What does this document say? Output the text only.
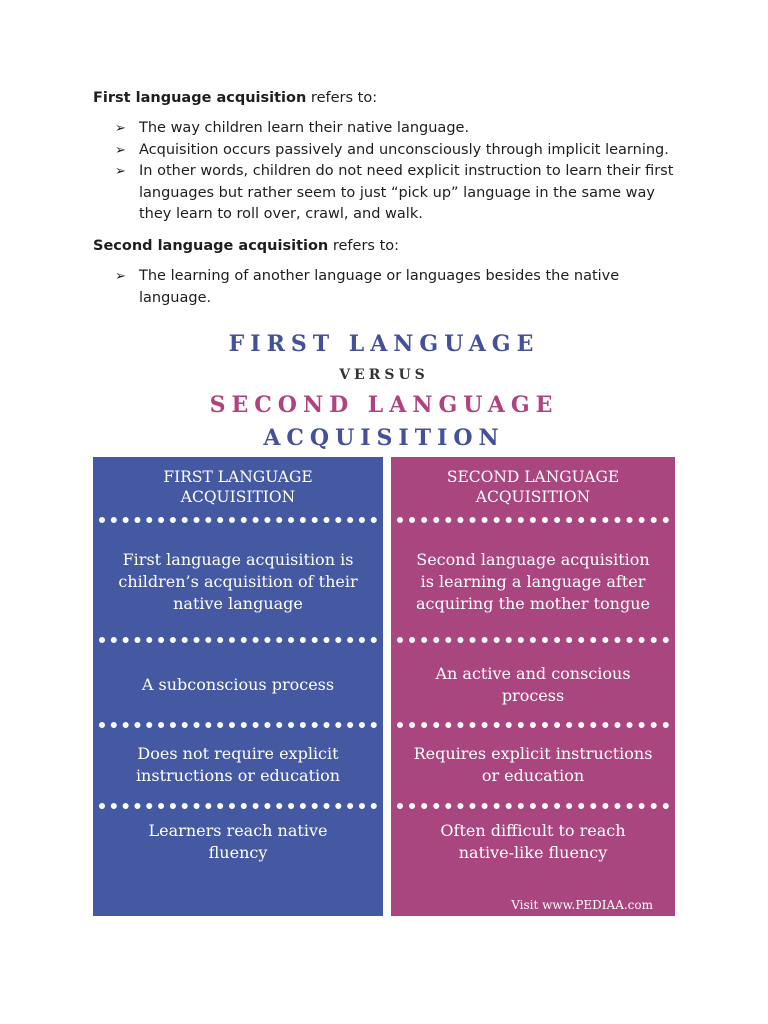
First language acquisition refers to:
➢ The way children learn their native language.
➢ Acquisition occurs passively and unconsciously through implicit learning.
➢ In other words, children do not need explicit instruction to learn their first languages but rather seem to just “pick up” language in the same way they learn to roll over, crawl, and walk.
Second language acquisition refers to:
➢ The learning of another language or languages besides the native language.
FIRST LANGUAGE
VERSUS
SECOND LANGUAGE
ACQUISITION
FIRST LANGUAGE ACQUISITION
First language acquisition is children’s acquisition of their native language
A subconscious process
Does not require explicit instructions or education
Learners reach native fluency
SECOND LANGUAGE ACQUISITION
Second language acquisition is learning a language after acquiring the mother tongue
An active and conscious process
Requires explicit instructions or education
Often difficult to reach native-like fluency
Visit www.PEDIAA.com
